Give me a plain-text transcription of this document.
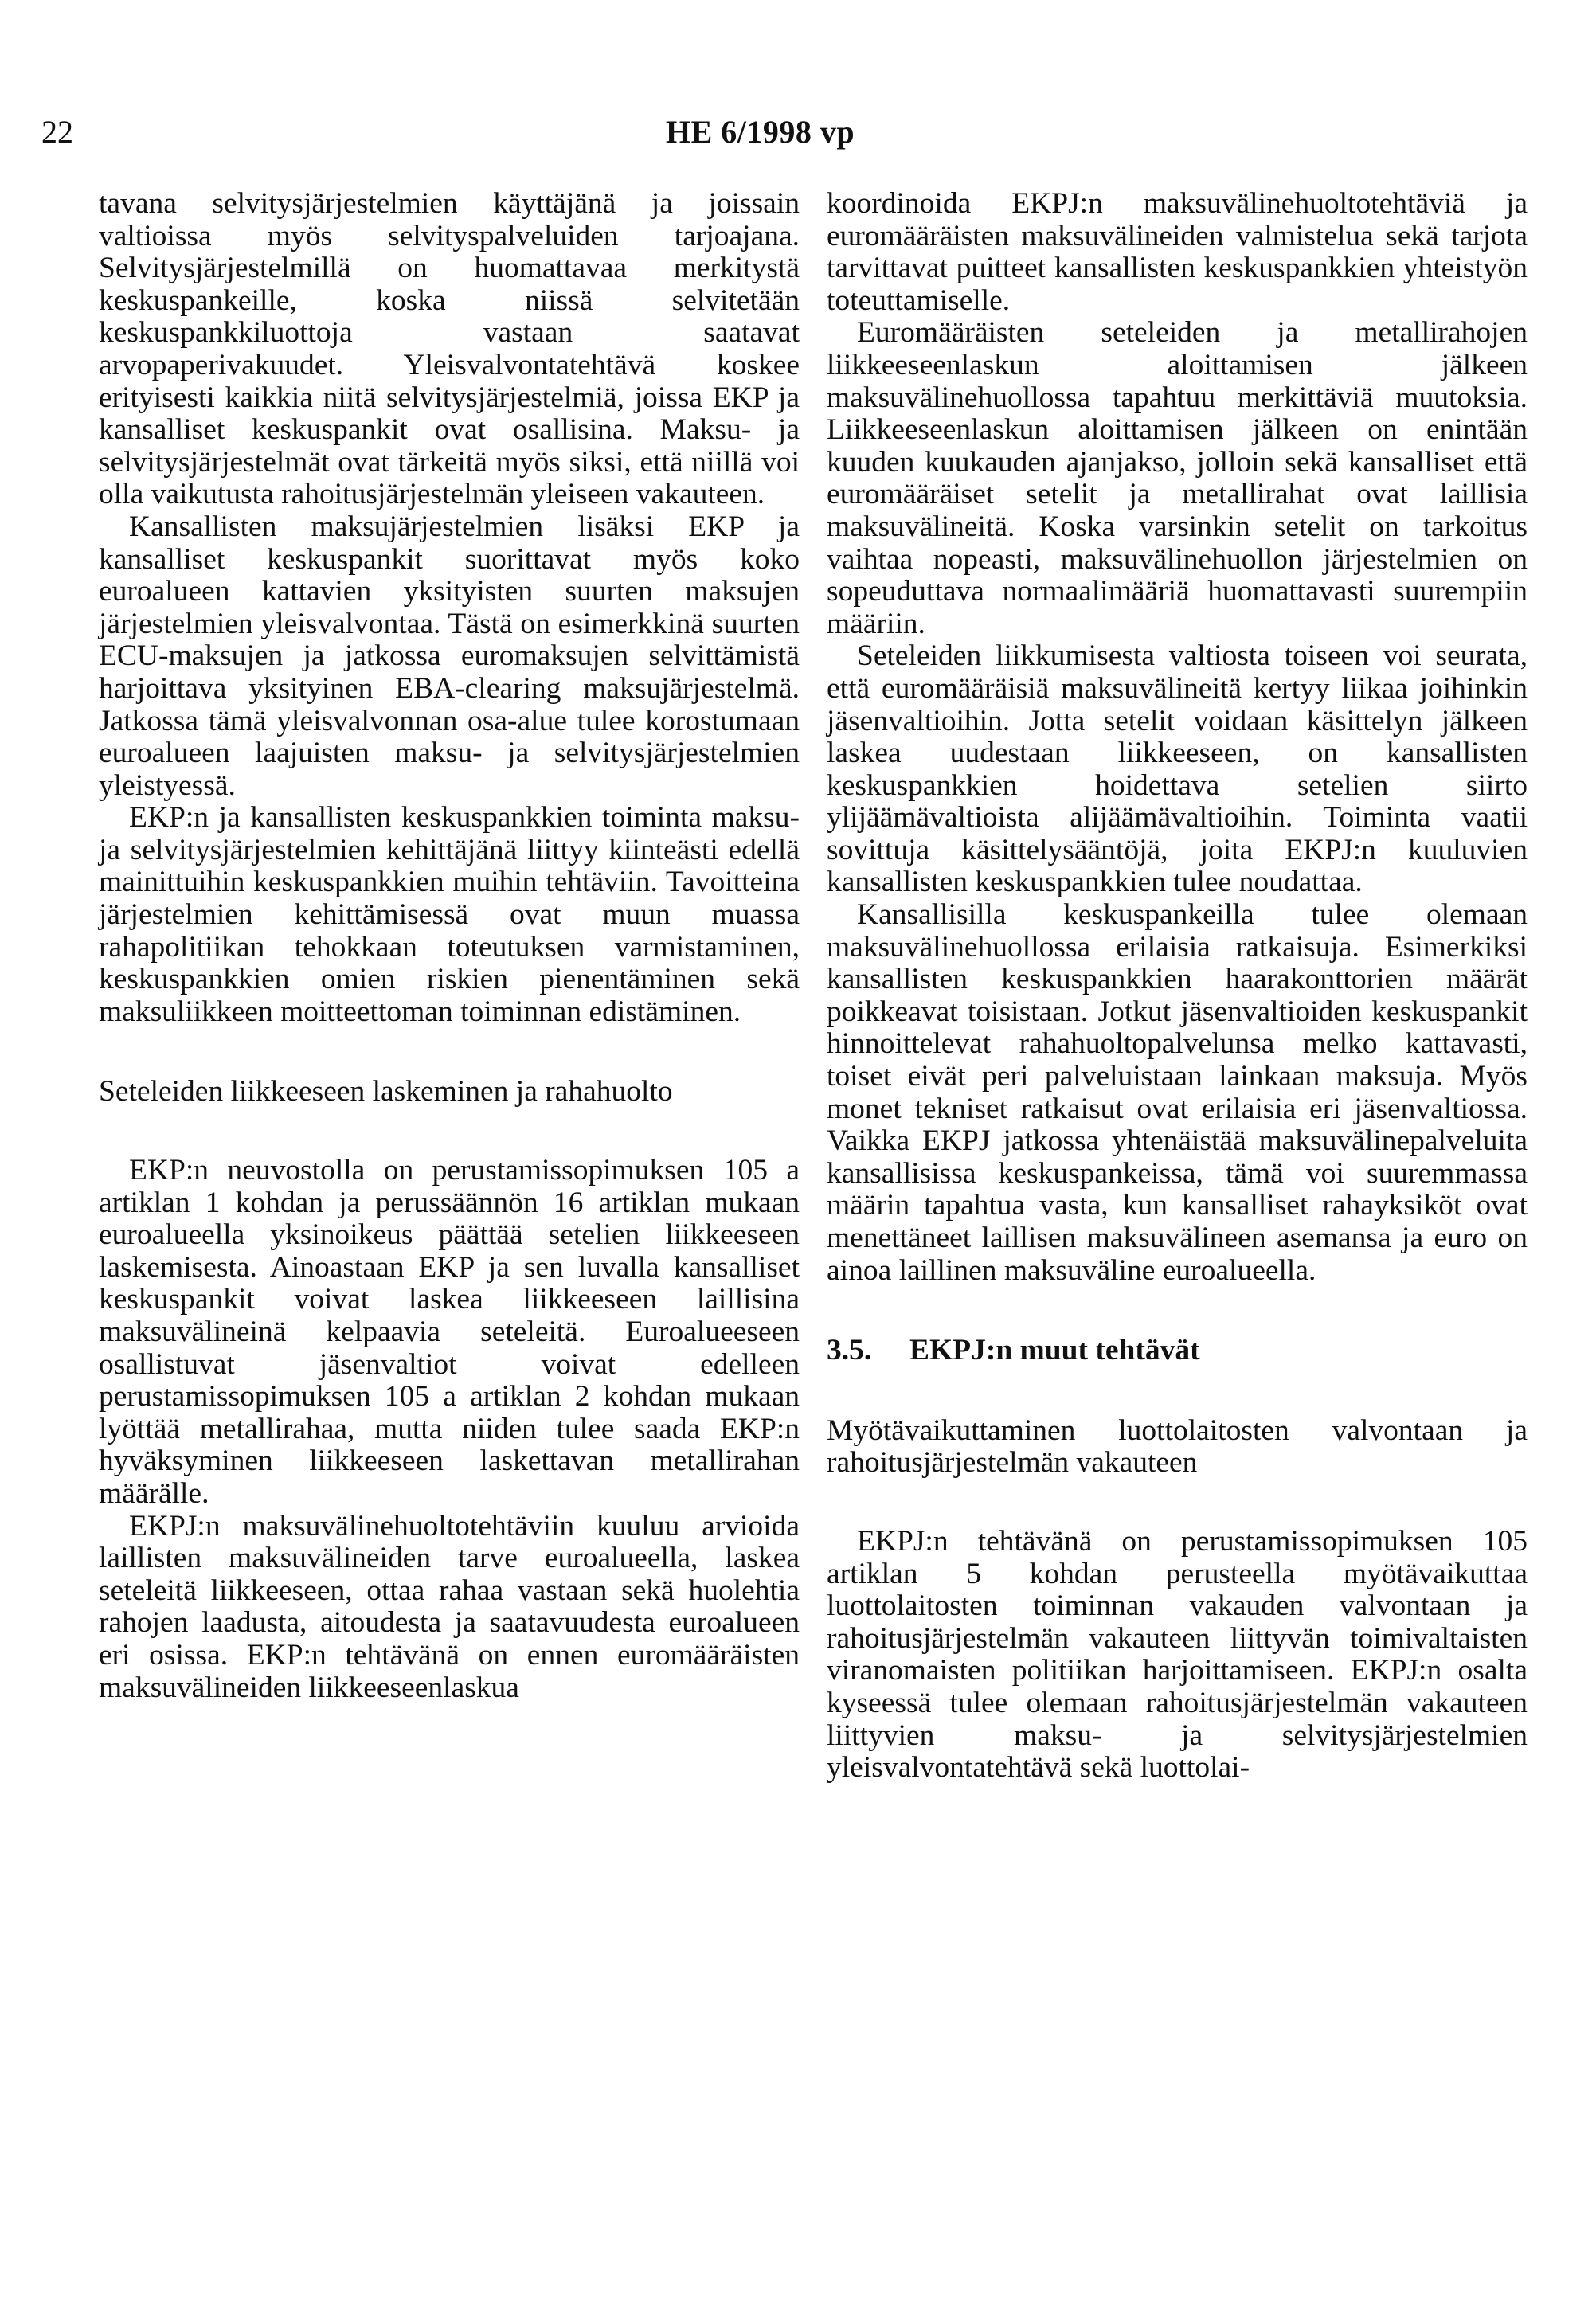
22	HE 6/1998 vp

tavana selvitysjärjestelmien käyttäjänä ja joissain valtioissa myös selvityspalveluiden tarjoajana. Selvitysjärjestelmillä on huomattavaa merkitystä keskuspankeille, koska niissä selvitetään keskuspankkiluottoja vastaan saatavat arvopaperivakuudet. Yleisvalvontatehtävä koskee erityisesti kaikkia niitä selvitysjärjestelmiä, joissa EKP ja kansalliset keskuspankit ovat osallisina. Maksu- ja selvitysjärjestelmät ovat tärkeitä myös siksi, että niillä voi olla vaikutusta rahoitusjärjestelmän yleiseen vakauteen.

Kansallisten maksujärjestelmien lisäksi EKP ja kansalliset keskuspankit suorittavat myös koko euroalueen kattavien yksityisten suurten maksujen järjestelmien yleisvalvontaa. Tästä on esimerkkinä suurten ECU-maksujen ja jatkossa euromaksujen selvittämistä harjoittava yksityinen EBA-clearing maksujärjestelmä. Jatkossa tämä yleisvalvonnan osa-alue tulee korostumaan euroalueen laajuisten maksu- ja selvitysjärjestelmien yleistyessä.

EKP:n ja kansallisten keskuspankkien toiminta maksu- ja selvitysjärjestelmien kehittäjänä liittyy kiinteästi edellä mainittuihin keskuspankkien muihin tehtäviin. Tavoitteina järjestelmien kehittämisessä ovat muun muassa rahapolitiikan tehokkaan toteutuksen varmistaminen, keskuspankkien omien riskien pienentäminen sekä maksuliikkeen moitteettoman toiminnan edistäminen.

Seteleiden liikkeeseen laskeminen ja rahahuolto

EKP:n neuvostolla on perustamissopimuksen 105 a artiklan 1 kohdan ja perussäännön 16 artiklan mukaan euroalueella yksinoikeus päättää setelien liikkeeseen laskemisesta. Ainoastaan EKP ja sen luvalla kansalliset keskuspankit voivat laskea liikkeeseen laillisina maksuvälineinä kelpaavia seteleitä. Euroalueeseen osallistuvat jäsenvaltiot voivat edelleen perustamissopimuksen 105 a artiklan 2 kohdan mukaan lyöttää metallirahaa, mutta niiden tulee saada EKP:n hyväksyminen liikkeeseen laskettavan metallirahan määrälle.

EKPJ:n maksuvälinehuoltotehtäviin kuuluu arvioida laillisten maksuvälineiden tarve euroalueella, laskea seteleitä liikkeeseen, ottaa rahaa vastaan sekä huolehtia rahojen laadusta, aitoudesta ja saatavuudesta euroalueen eri osissa. EKP:n tehtävänä on ennen euromääräisten maksuvälineiden liikkeeseenlaskua

koordinoida EKPJ:n maksuvälinehuoltotehtäviä ja euromääräisten maksuvälineiden valmistelua sekä tarjota tarvittavat puitteet kansallisten keskuspankkien yhteistyön toteuttamiselle.

Euromääräisten seteleiden ja metallirahojen liikkeeseenlaskun aloittamisen jälkeen maksuvälinehuollossa tapahtuu merkittäviä muutoksia. Liikkeeseenlaskun aloittamisen jälkeen on enintään kuuden kuukauden ajanjakso, jolloin sekä kansalliset että euromääräiset setelit ja metallirahat ovat laillisia maksuvälineitä. Koska varsinkin setelit on tarkoitus vaihtaa nopeasti, maksuvälinehuollon järjestelmien on sopeuduttava normaalimääriä huomattavasti suurempiin määriin.

Seteleiden liikkumisesta valtiosta toiseen voi seurata, että euromääräisiä maksuvälineitä kertyy liikaa joihinkin jäsenvaltioihin. Jotta setelit voidaan käsittelyn jälkeen laskea uudestaan liikkeeseen, on kansallisten keskuspankkien hoidettava setelien siirto ylijäämävaltioista alijäämävaltioihin. Toiminta vaatii sovittuja käsittelysääntöjä, joita EKPJ:n kuuluvien kansallisten keskuspankkien tulee noudattaa.

Kansallisilla keskuspankeilla tulee olemaan maksuvälinehuollossa erilaisia ratkaisuja. Esimerkiksi kansallisten keskuspankkien haarakonttorien määrät poikkeavat toisistaan. Jotkut jäsenvaltioiden keskuspankit hinnoittelevat rahahuoltopalvelunsa melko kattavasti, toiset eivät peri palveluistaan lainkaan maksuja. Myös monet tekniset ratkaisut ovat erilaisia eri jäsenvaltiossa. Vaikka EKPJ jatkossa yhtenäistää maksuvälinepalveluita kansallisissa keskuspankeissa, tämä voi suuremmassa määrin tapahtua vasta, kun kansalliset rahayksiköt ovat menettäneet laillisen maksuvälineen asemansa ja euro on ainoa laillinen maksuväline euroalueella.

3.5. EKPJ:n muut tehtävät

Myötävaikuttaminen luottolaitosten valvontaan ja rahoitusjärjestelmän vakauteen

EKPJ:n tehtävänä on perustamissopimuksen 105 artiklan 5 kohdan perusteella myötävaikuttaa luottolaitosten toiminnan vakauden valvontaan ja rahoitusjärjestelmän vakauteen liittyvän toimivaltaisten viranomaisten politiikan harjoittamiseen. EKPJ:n osalta kyseessä tulee olemaan rahoitusjärjestelmän vakauteen liittyvien maksu- ja selvitysjärjestelmien yleisvalvontatehtävä sekä luottolai-
